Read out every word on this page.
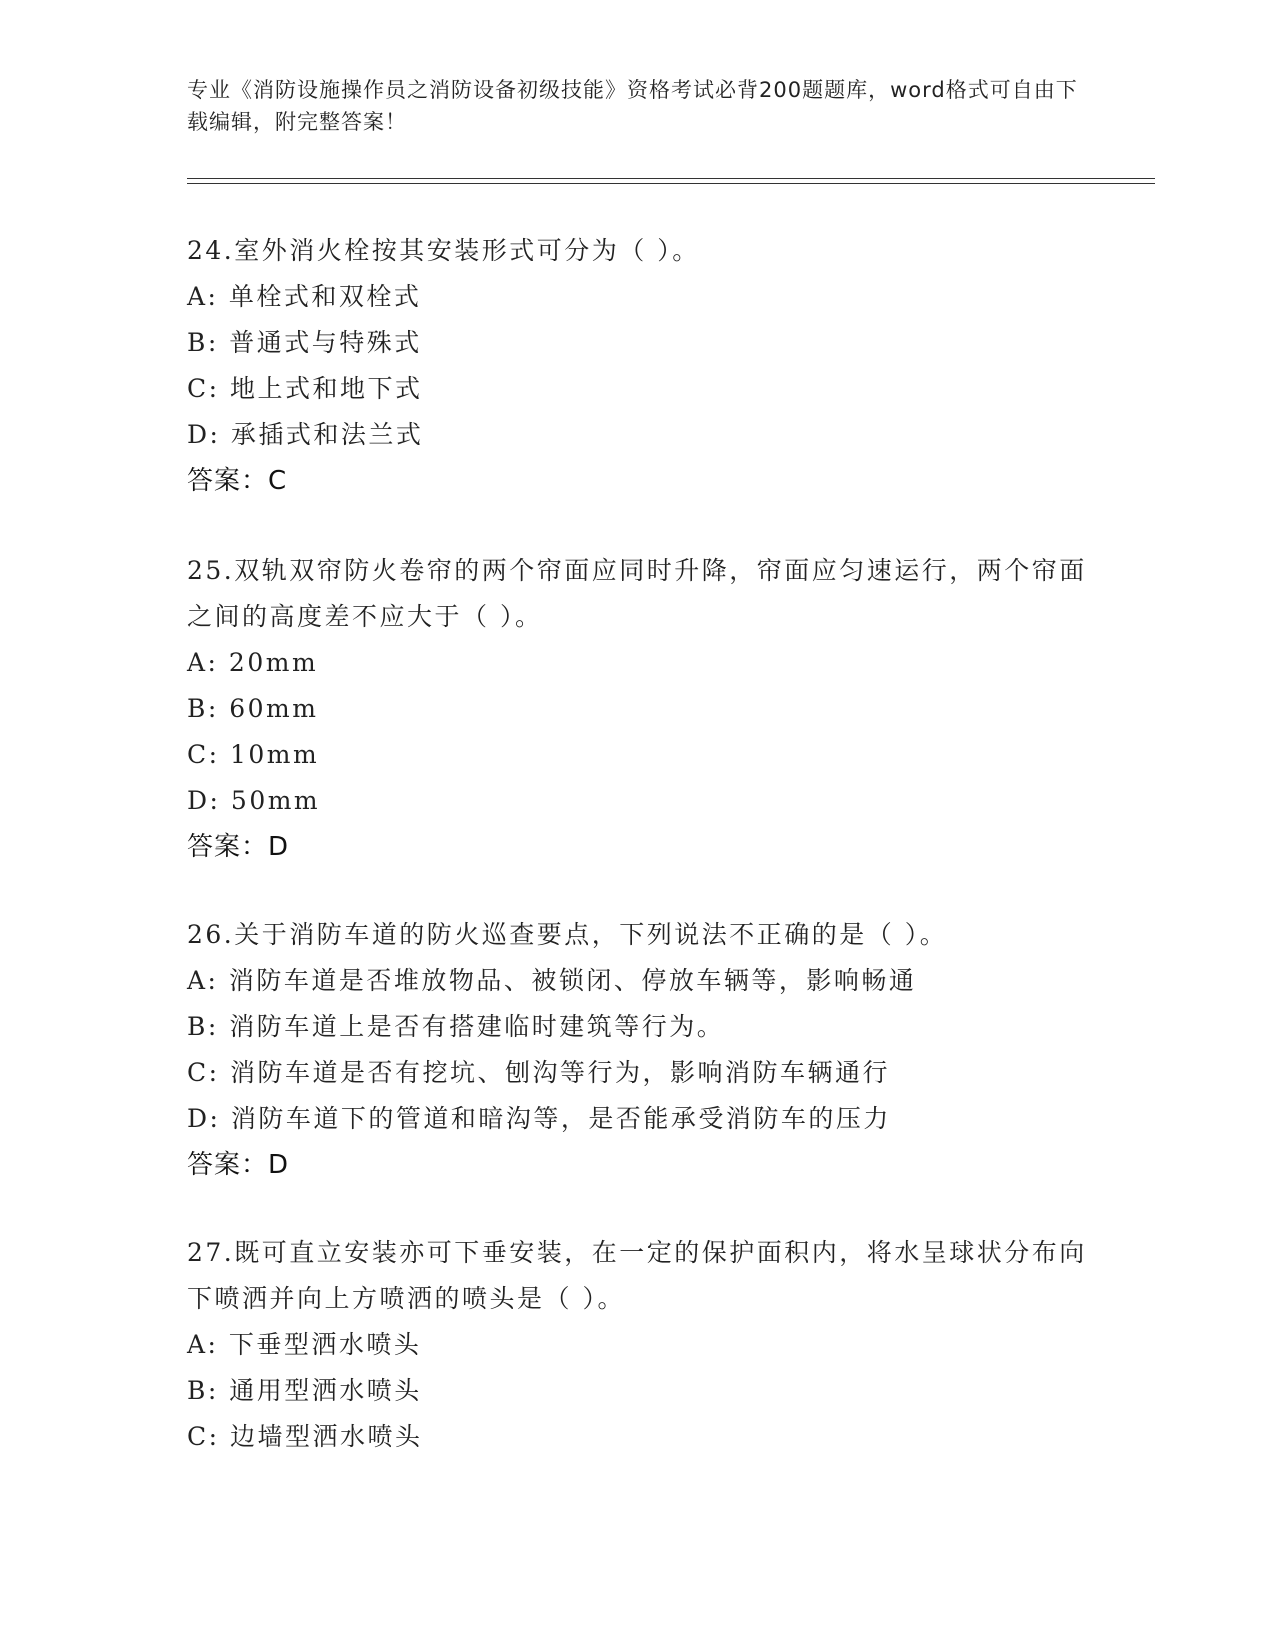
专业《消防设施操作员之消防设备初级技能》资格考试必背200题题库，word格式可自由下载编辑，附完整答案！

24.室外消火栓按其安装形式可分为（ ）。

A: 单栓式和双栓式

B: 普通式与特殊式

C: 地上式和地下式

D: 承插式和法兰式

答案：C

25.双轨双帘防火卷帘的两个帘面应同时升降，帘面应匀速运行，两个帘面之间的高度差不应大于（ ）。

A: 20mm

B: 60mm

C: 10mm

D: 50mm

答案：D

26.关于消防车道的防火巡查要点，下列说法不正确的是（ ）。

A: 消防车道是否堆放物品、被锁闭、停放车辆等，影响畅通

B: 消防车道上是否有搭建临时建筑等行为。

C: 消防车道是否有挖坑、刨沟等行为，影响消防车辆通行

D: 消防车道下的管道和暗沟等，是否能承受消防车的压力

答案：D

27.既可直立安装亦可下垂安装，在一定的保护面积内，将水呈球状分布向下喷洒并向上方喷洒的喷头是（ ）。

A: 下垂型洒水喷头

B: 通用型洒水喷头

C: 边墙型洒水喷头
